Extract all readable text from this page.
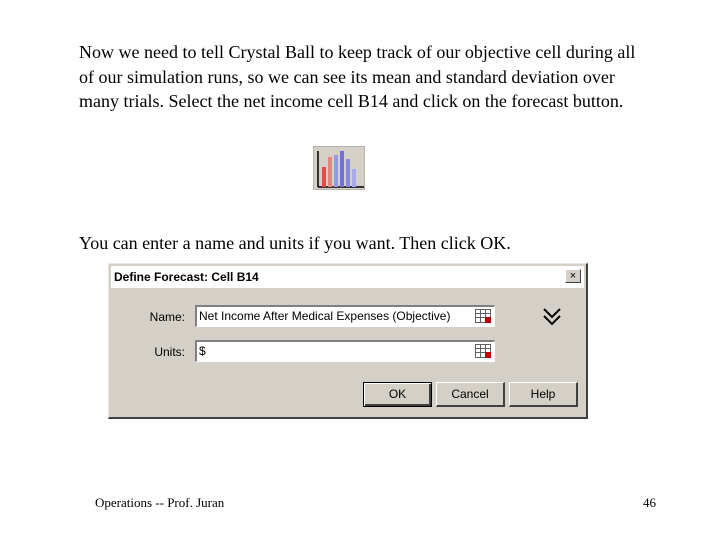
Now we need to tell Crystal Ball to keep track of our objective cell during all of our simulation runs, so we can see its mean and standard deviation over many trials. Select the net income cell B14 and click on the forecast button.

You can enter a name and units if you want. Then click OK.

Define Forecast: Cell B14	×
Name: Net Income After Medical Expenses (Objective)
Units: $
OK	Cancel	Help
Operations -- Prof. Juran	46
